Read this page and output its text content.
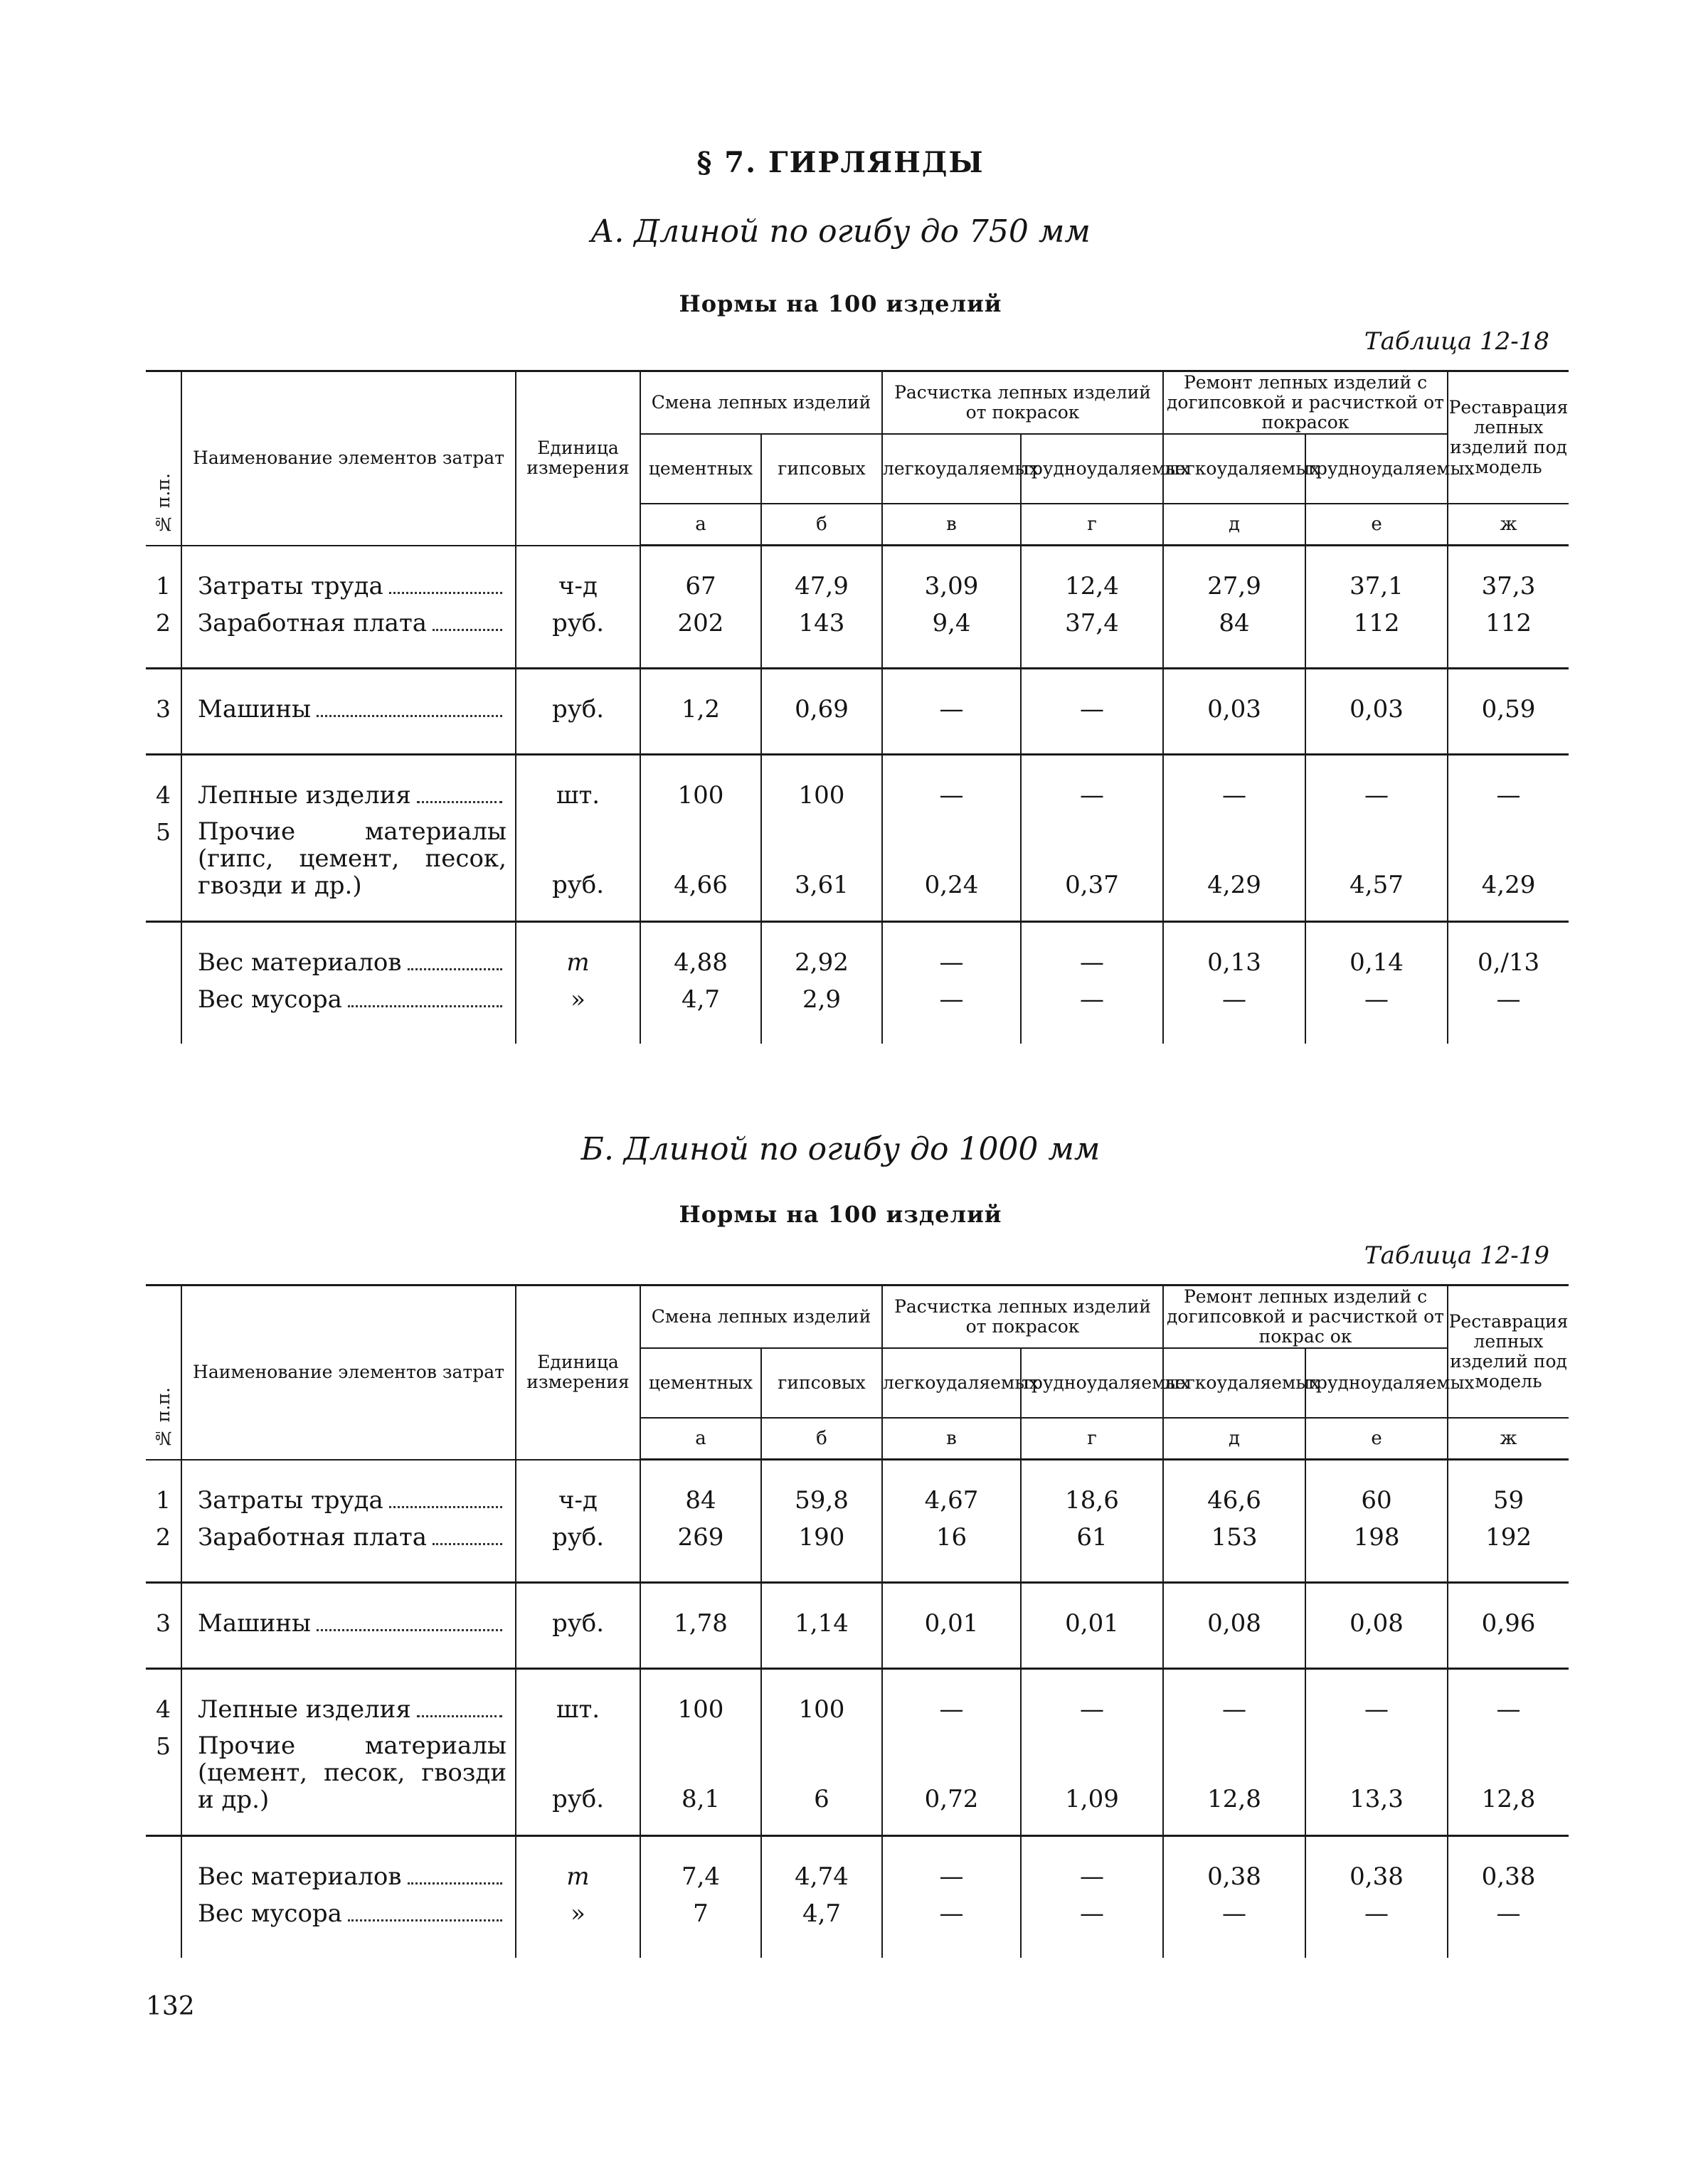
§ 7. ГИРЛЯНДЫ
А. Длиной по огибу до 750 мм
Нормы на 100 изделий
Таблица 12-18
№ п.п.	Наименование элементов затрат	Единица измерения	Смена лепных изделий		Расчистка лепных изделий от покрасок		Ремонт лепных изделий с догипсовкой и расчисткой от покрасок		Реставрация лепных изделий под модель
			цементных	гипсовых	легкоудаляемых	трудноудаляемых	легкоудаляемых	трудноудаляемых	
			а	б	в	г	д	е	ж
1	Затраты труда	ч-д	67	47,9	3,09	12,4	27,9	37,1	37,3
2	Заработная плата	руб.	202	143	9,4	37,4	84	112	112
3	Машины	руб.	1,2	0,69	—	—	0,03	0,03	0,59
4	Лепные изделия	шт.	100	100	—	—	—	—	—
5	Прочие материалы (гипс, цемент, песок, гвозди и др.)	руб.	4,66	3,61	0,24	0,37	4,29	4,57	4,29

	Вес материалов	т	4,88	2,92	—	—	0,13	0,14	0,/13

	Вес мусора	»	4,7	2,9	—	—	—	—	—
Б. Длиной по огибу до 1000 мм
Нормы на 100 изделий
Таблица 12-19
№ п.п.	Наименование элементов затрат	Единица измерения	Смена лепных изделий		Расчистка лепных изделий от покрасок		Ремонт лепных изделий с догипсовкой и расчисткой от покрас ок		Реставрация лепных изделий под модель
			цементных	гипсовых	легкоудаляемых	трудноудаляемых	легкоудаляемых	трудноудаляемых	
			а	б	в	г	д	е	ж
1	Затраты труда	ч-д	84	59,8	4,67	18,6	46,6	60	59
2	Заработная плата	руб.	269	190	16	61	153	198	192
3	Машины	руб.	1,78	1,14	0,01	0,01	0,08	0,08	0,96
4	Лепные изделия	шт.	100	100	—	—	—	—	—
5	Прочие материалы (цемент, песок, гвозди и др.)	руб.	8,1	6	0,72	1,09	12,8	13,3	12,8

	Вес материалов	т	7,4	4,74	—	—	0,38	0,38	0,38

	Вес мусора	»	7	4,7	—	—	—	—	—
132
